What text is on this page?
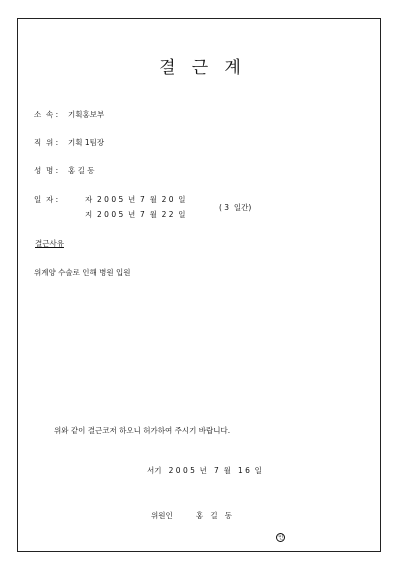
결   근   계
소  속 : 기획홍보부
직  위 : 기획 1팀장
성  명 : 홍 길 동
일  자 :	자  2 0 0 5  년  7  월  2 0  일
지  2 0 0 5  년  7  월  2 2  일
( 3  일간)
결근사유
위계양 수술로 인해 병원 입원
위와 같이 결근코저 하오니 허가하여 주시기 바랍니다.
서기   2 0 0 5  년   7  월   1 6  일
위원인	홍   길   동

인
